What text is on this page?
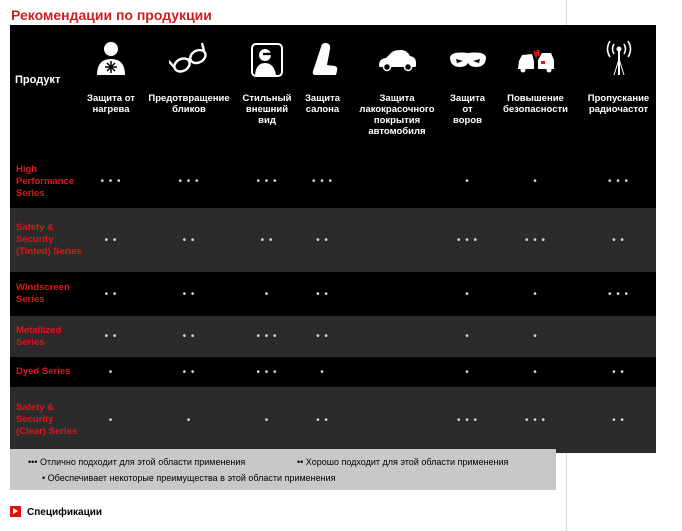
Рекомендации по продукции
Продукт	Защита от нагрева	Предотвращение бликов	Стильный внешний вид	Защита салона	Защита лакокрасочного покрытия автомобиля	Защита от воров	Повышение безопасности	Пропускание радиочастот

High Performance Series	• • •	• • •	• • •	• • •		•	•	• • •
Safety & Security (Tinted) Series	• •	• •	• •	• •		• • •	• • •	• •
Windscreen Series	• •	• •	•	• •		•	•	• • •
Metallized Series	• •	• •	• • •	• •		•	•	
Dyed Series	•	• •	• • •	•		•	•	• •
Safety & Security (Clear) Series	•	•	•	• •		• • •	• • •	• •
••• Отлично подходит для этой области применения	•• Хорошо подходит для этой области применения
• Обеспечивает некоторые преимущества в этой области применения
Спецификации
